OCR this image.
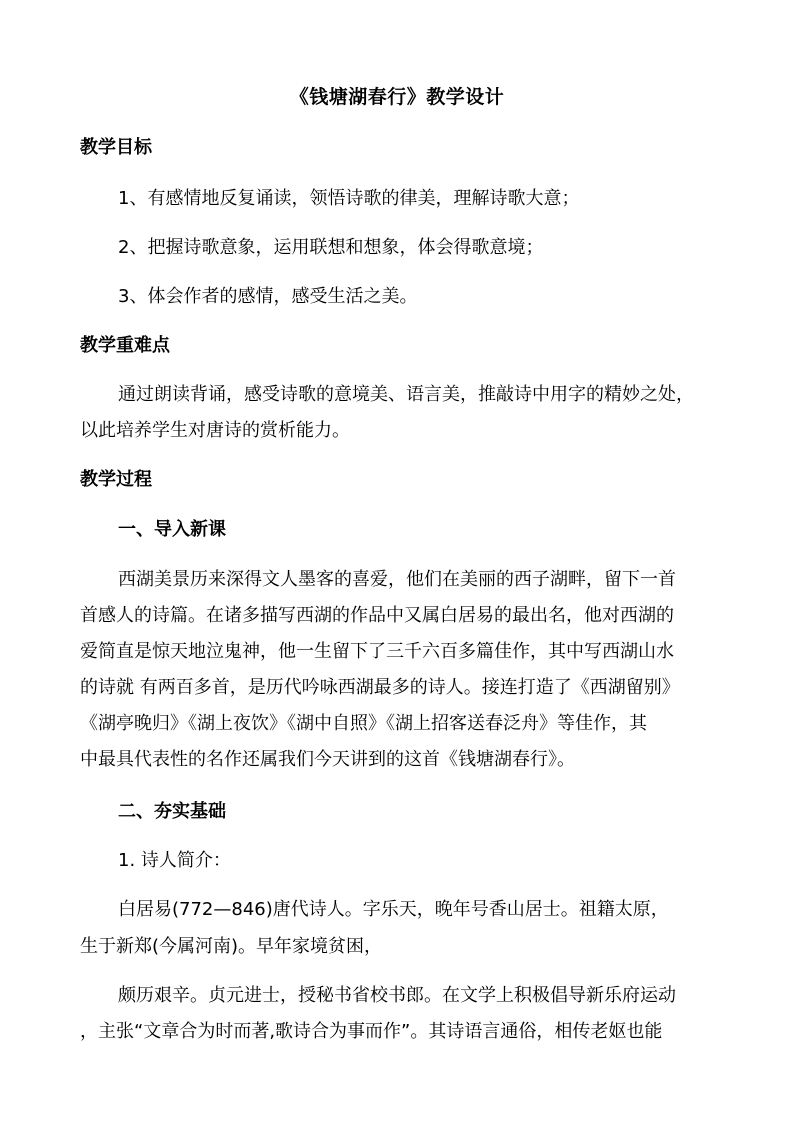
《钱塘湖春行》教学设计
教学目标
1、有感情地反复诵读，领悟诗歌的律美，理解诗歌大意；
2、把握诗歌意象，运用联想和想象，体会得歌意境；
3、体会作者的感情，感受生活之美。
教学重难点
通过朗读背诵，感受诗歌的意境美、语言美，推敲诗中用字的精妙之处，
以此培养学生对唐诗的赏析能力。
教学过程
一、导入新课
西湖美景历来深得文人墨客的喜爱，他们在美丽的西子湖畔，留下一首
首感人的诗篇。在诸多描写西湖的作品中又属白居易的最出名，他对西湖的
爱简直是惊天地泣鬼神，他一生留下了三千六百多篇佳作，其中写西湖山水
的诗就 有两百多首，是历代吟咏西湖最多的诗人。接连打造了《西湖留别》
《湖亭晚归》《湖上夜饮》《湖中自照》《湖上招客送春泛舟》等佳作，其
中最具代表性的名作还属我们今天讲到的这首《钱塘湖春行》。
二、夯实基础
1. 诗人简介：
白居易(772—846)唐代诗人。字乐天，晚年号香山居士。祖籍太原，
生于新郑(今属河南)。早年家境贫困，
颇历艰辛。贞元进士，授秘书省校书郎。在文学上积极倡导新乐府运动
，主张“文章合为时而著,歌诗合为事而作”。其诗语言通俗，相传老妪也能
